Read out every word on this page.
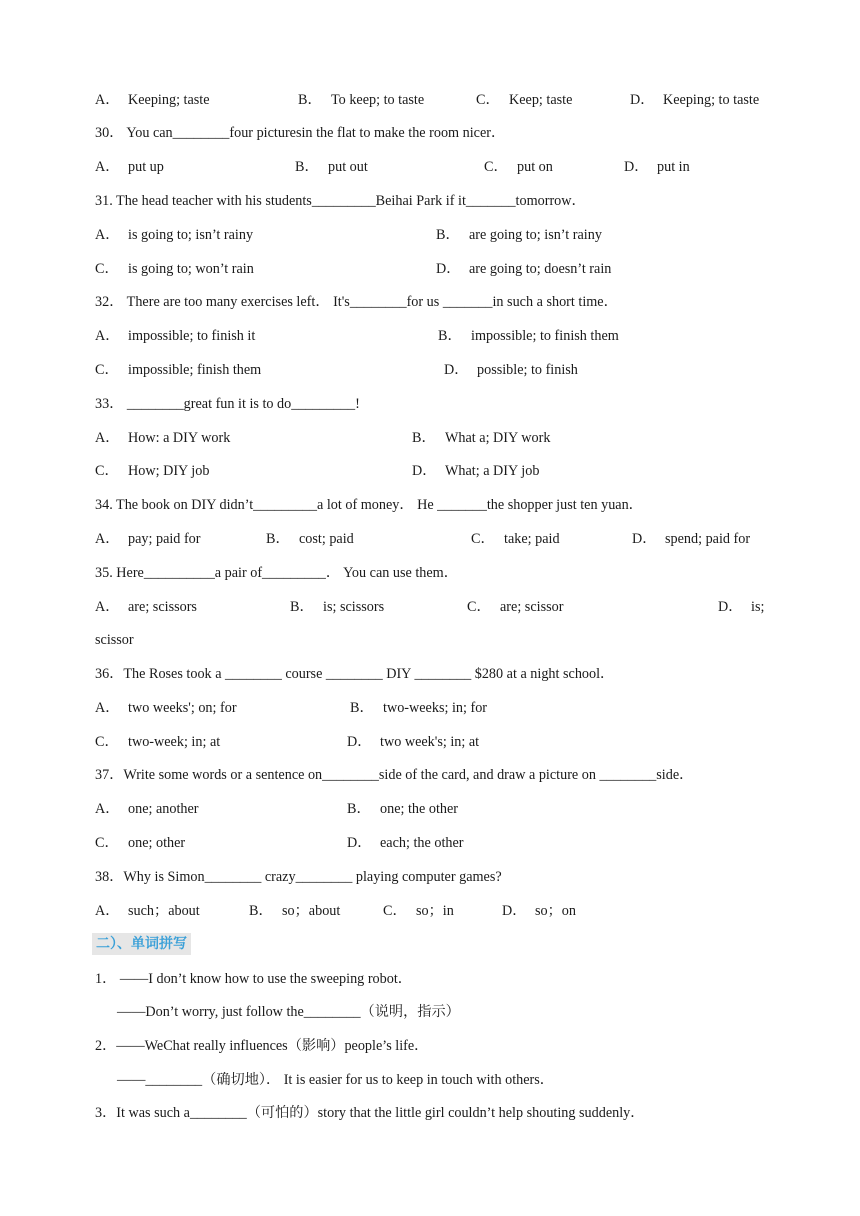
A． Keeping; taste	B． To keep; to taste	C． Keep; taste	D． Keeping; to taste
30． You can________four picturesin the flat to make the room nicer．
A． put up	B． put out	C． put on	D． put in
31. The head teacher with his students_________Beihai Park if it_______tomorrow．
A． is going to; isn’t rainy	B． are going to; isn’t rainy
C． is going to; won’t rain	D． are going to; doesn’t rain
32． There are too many exercises left． It's________for us _______in such a short time．
A． impossible; to finish it	B． impossible; to finish them
C． impossible; finish them	D． possible; to finish
33． ________great fun it is to do_________!
A． How: a DIY work	B． What a; DIY work
C． How; DIY job	D． What; a DIY job
34. The book on DIY didn’t_________a lot of money． He _______the shopper just ten yuan．
A． pay; paid for	B． cost; paid	C． take; paid	D． spend; paid for
35. Here__________a pair of_________． You can use them．
A． are; scissors	B． is; scissors	C． are; scissor	D． is;
scissor
36．The Roses took a ________ course ________ DIY ________ $280 at a night school．
A． two weeks'; on; for	B． two-weeks; in; for
C． two-week; in; at	D． two week's; in; at
37．Write some words or a sentence on________side of the card, and draw a picture on ________side．
A． one; another	B． one; the other
C． one; other	D． each; the other
38．Why is Simon________ crazy________ playing computer games?
A． such；about	B． so；about	C． so；in	D． so；on
二）、单词拼写
1． ——I don’t know how to use the sweeping robot．
——Don’t worry, just follow the________（说明，指示）
2．——WeChat really influences（影响）people’s life．
——________（确切地）． It is easier for us to keep in touch with others．
3．It was such a________（可怕的）story that the little girl couldn’t help shouting suddenly．
